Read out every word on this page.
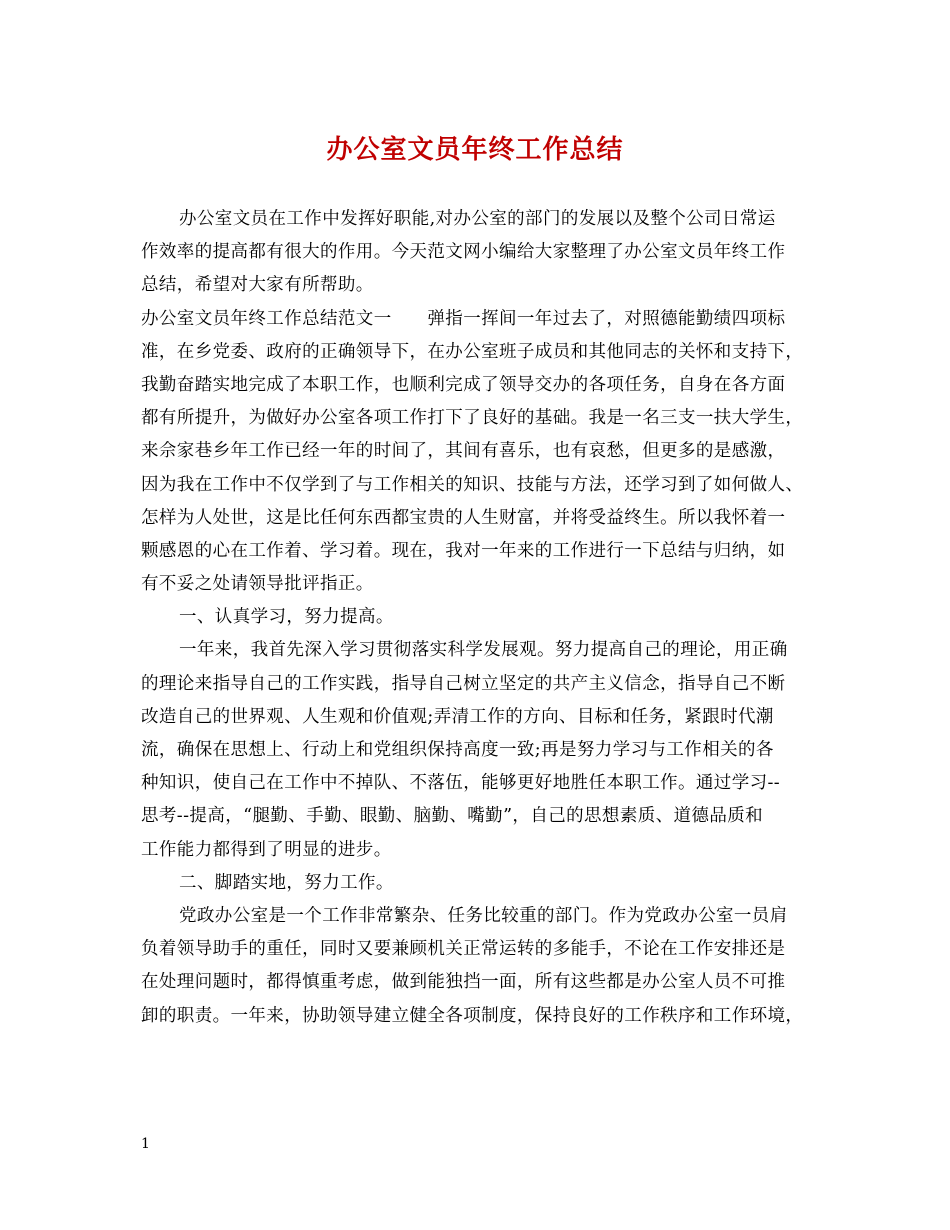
办公室文员年终工作总结
办公室文员在工作中发挥好职能,对办公室的部门的发展以及整个公司日常运
作效率的提高都有很大的作用。今天范文网小编给大家整理了办公室文员年终工作
总结，希望对大家有所帮助。
办公室文员年终工作总结范文一　　弹指一挥间一年过去了，对照德能勤绩四项标
准，在乡党委、政府的正确领导下，在办公室班子成员和其他同志的关怀和支持下，
我勤奋踏实地完成了本职工作，也顺利完成了领导交办的各项任务，自身在各方面
都有所提升，为做好办公室各项工作打下了良好的基础。我是一名三支一扶大学生，
来佘家巷乡年工作已经一年的时间了，其间有喜乐，也有哀愁，但更多的是感激，
因为我在工作中不仅学到了与工作相关的知识、技能与方法，还学习到了如何做人、
怎样为人处世，这是比任何东西都宝贵的人生财富，并将受益终生。所以我怀着一
颗感恩的心在工作着、学习着。现在，我对一年来的工作进行一下总结与归纳，如
有不妥之处请领导批评指正。
一、认真学习，努力提高。
一年来，我首先深入学习贯彻落实科学发展观。努力提高自己的理论，用正确
的理论来指导自己的工作实践，指导自己树立坚定的共产主义信念，指导自己不断
改造自己的世界观、人生观和价值观;弄清工作的方向、目标和任务，紧跟时代潮
流，确保在思想上、行动上和党组织保持高度一致;再是努力学习与工作相关的各
种知识，使自己在工作中不掉队、不落伍，能够更好地胜任本职工作。通过学习--
思考--提高，“腿勤、手勤、眼勤、脑勤、嘴勤”，自己的思想素质、道德品质和
工作能力都得到了明显的进步。
二、脚踏实地，努力工作。
党政办公室是一个工作非常繁杂、任务比较重的部门。作为党政办公室一员肩
负着领导助手的重任，同时又要兼顾机关正常运转的多能手，不论在工作安排还是
在处理问题时，都得慎重考虑，做到能独挡一面，所有这些都是办公室人员不可推
卸的职责。一年来，协助领导建立健全各项制度，保持良好的工作秩序和工作环境，
1
